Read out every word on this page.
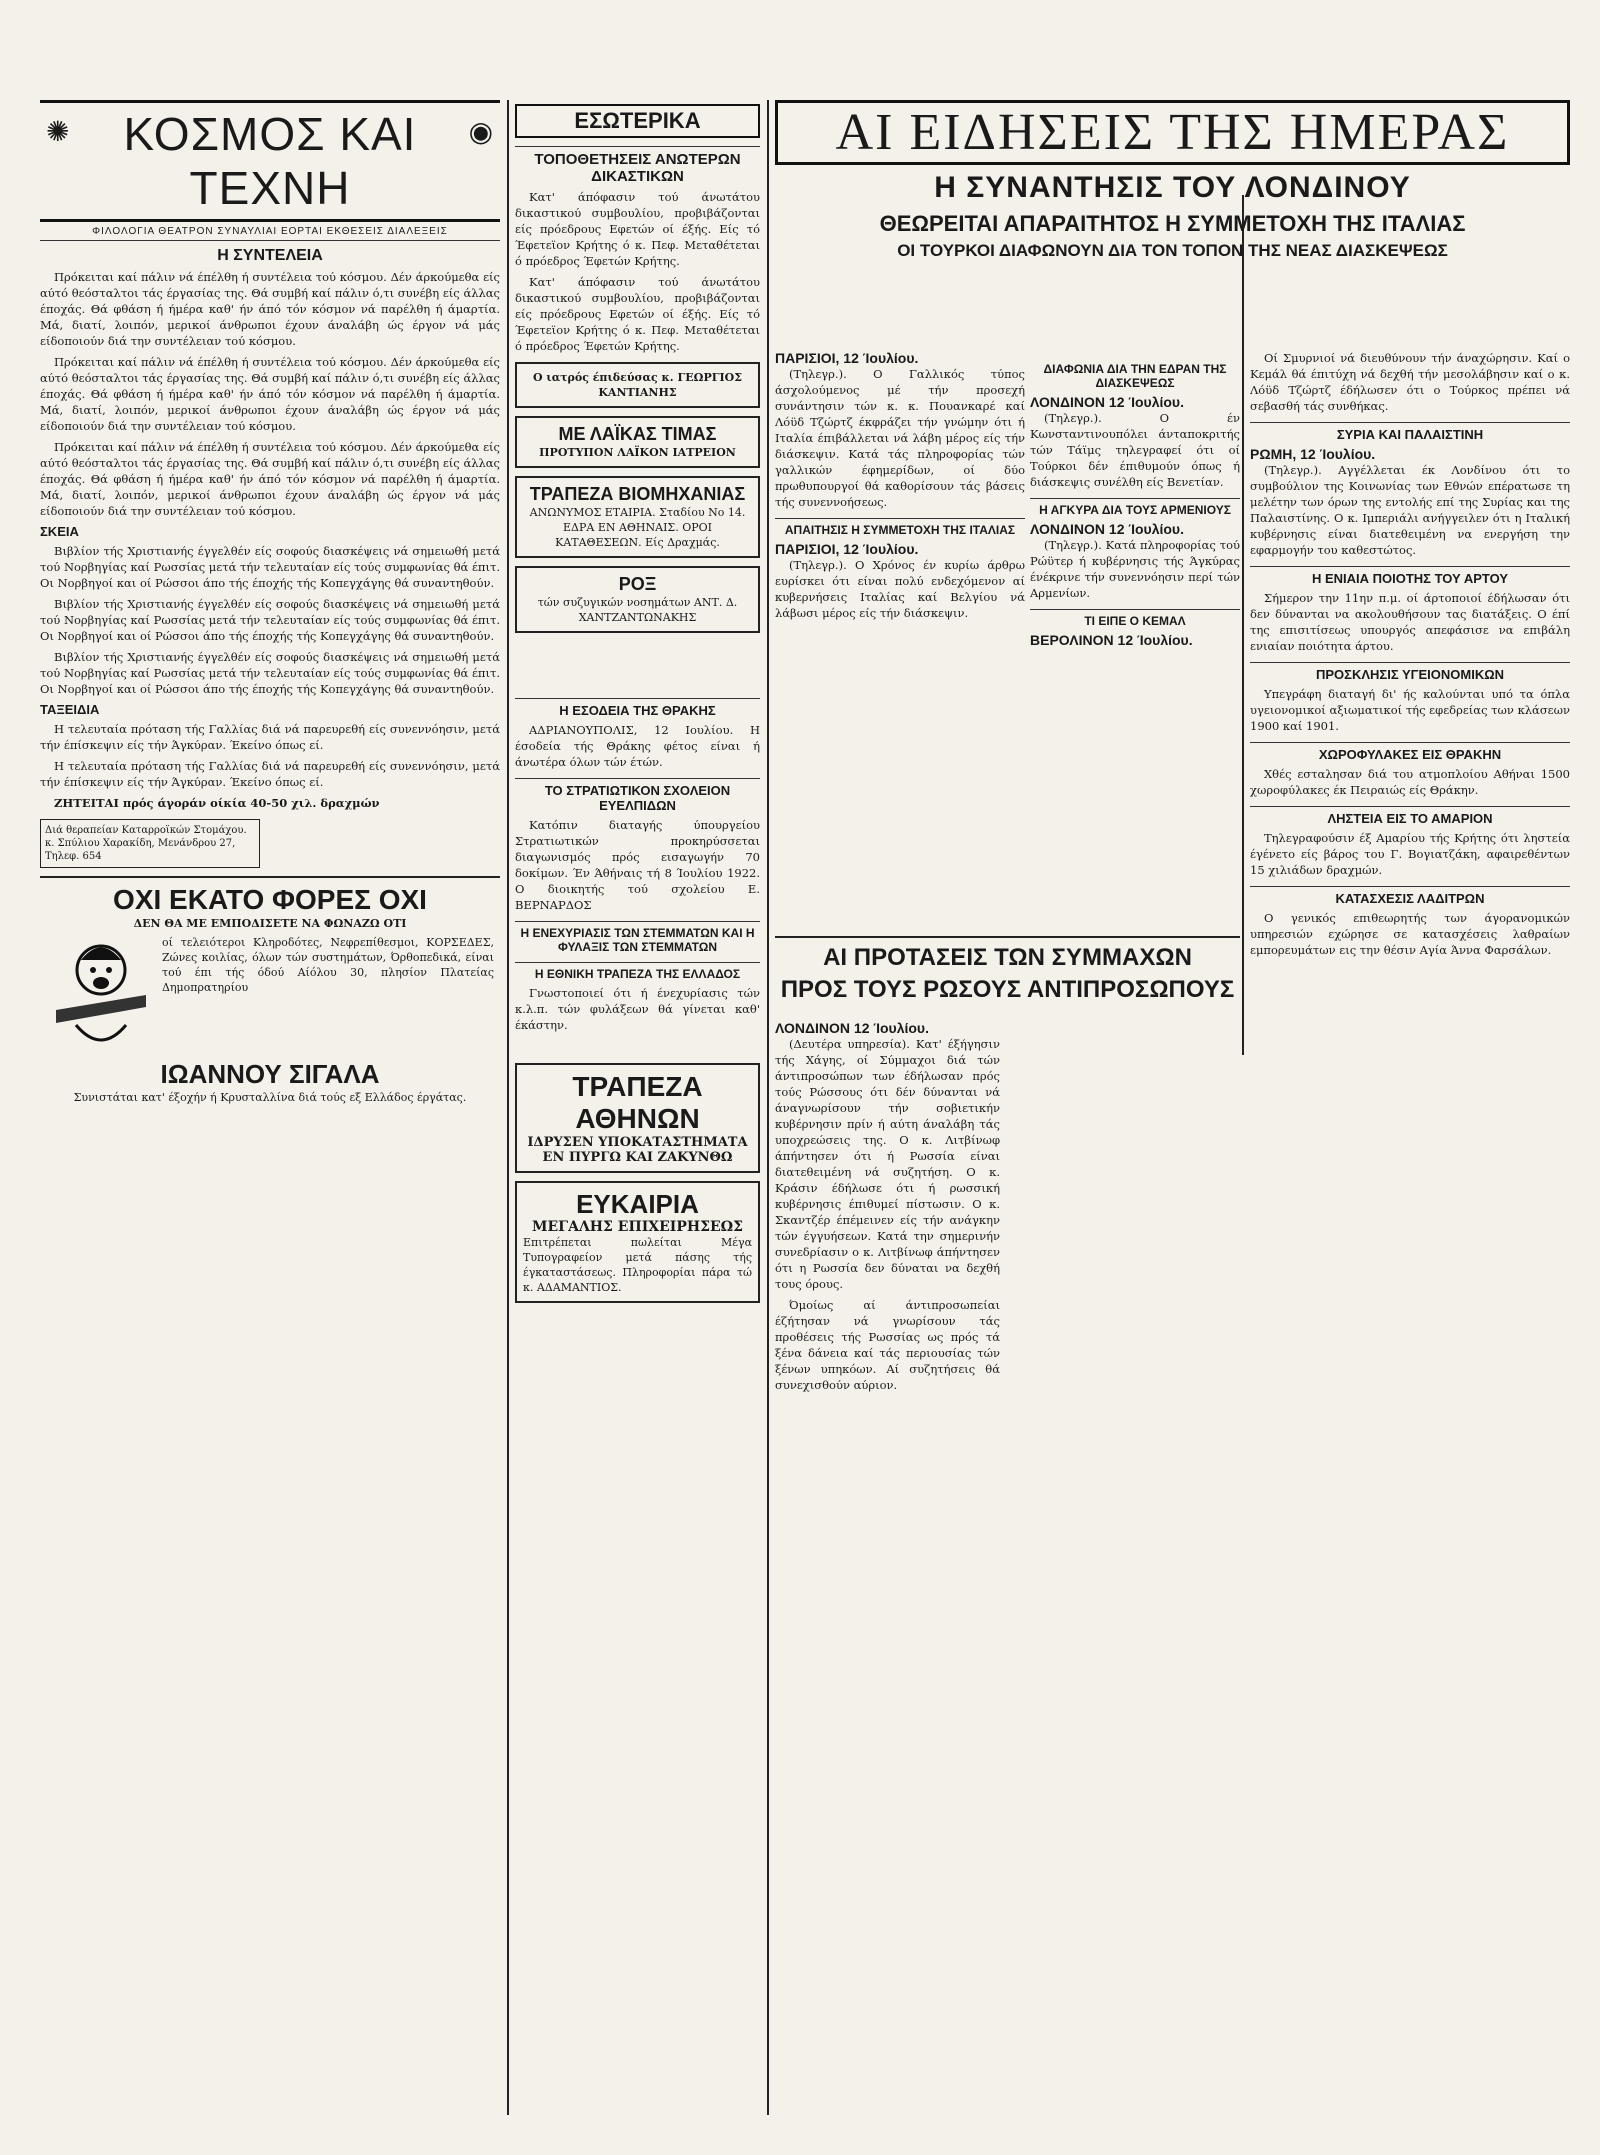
✺ ΚΟΣΜΟΣ ΚΑΙ ΤΕΧΝΗ
◉
ΦΙΛΟΛΟΓΙΑ ΘΕΑΤΡΟΝ ΣΥΝΑΥΛΙΑΙ ΕΟΡΤΑΙ ΕΚΘΕΣΕΙΣ ΔΙΑΛΕΞΕΙΣ
Η ΣΥΝΤΕΛΕΙΑ

Πρόκειται καί πάλιν νά έπέλθη ή συντέλεια τού κόσμου. Δέν άρκούμεθα είς αύτό θεόσταλτοι τάς έργασίας της. Θά συμβή καί πάλιν ό,τι συνέβη είς άλλας έποχάς. Θά φθάση ή ήμέρα καθ' ήν άπό τόν κόσμον νά παρέλθη ή άμαρτία. Μά, διατί, λοιπόν, μερικοί άνθρωποι έχουν άναλάβη ώς έργον νά μάς είδοποιούν διά την συντέλειαν τού κόσμου.

Πρόκειται καί πάλιν νά έπέλθη ή συντέλεια τού κόσμου. Δέν άρκούμεθα είς αύτό θεόσταλτοι τάς έργασίας της. Θά συμβή καί πάλιν ό,τι συνέβη είς άλλας έποχάς. Θά φθάση ή ήμέρα καθ' ήν άπό τόν κόσμον νά παρέλθη ή άμαρτία. Μά, διατί, λοιπόν, μερικοί άνθρωποι έχουν άναλάβη ώς έργον νά μάς είδοποιούν διά την συντέλειαν τού κόσμου.

Πρόκειται καί πάλιν νά έπέλθη ή συντέλεια τού κόσμου. Δέν άρκούμεθα είς αύτό θεόσταλτοι τάς έργασίας της. Θά συμβή καί πάλιν ό,τι συνέβη είς άλλας έποχάς. Θά φθάση ή ήμέρα καθ' ήν άπό τόν κόσμον νά παρέλθη ή άμαρτία. Μά, διατί, λοιπόν, μερικοί άνθρωποι έχουν άναλάβη ώς έργον νά μάς είδοποιούν διά την συντέλειαν τού κόσμου.

ΣΚΕΙΑ

Βιβλίον τής Χριστιανής έγγελθέν είς σοφούς διασκέψεις νά σημειωθή μετά τού Νορβηγίας καί Ρωσσίας μετά τήν τελευταίαν είς τούς συμφωνίας θά έπιτ. Οι Νορβηγοί και οί Ρώσσοι άπο τής έποχής τής Κοπεγχάγης θά συναντηθούν.

Βιβλίον τής Χριστιανής έγγελθέν είς σοφούς διασκέψεις νά σημειωθή μετά τού Νορβηγίας καί Ρωσσίας μετά τήν τελευταίαν είς τούς συμφωνίας θά έπιτ. Οι Νορβηγοί και οί Ρώσσοι άπο τής έποχής τής Κοπεγχάγης θά συναντηθούν.

Βιβλίον τής Χριστιανής έγγελθέν είς σοφούς διασκέψεις νά σημειωθή μετά τού Νορβηγίας καί Ρωσσίας μετά τήν τελευταίαν είς τούς συμφωνίας θά έπιτ. Οι Νορβηγοί και οί Ρώσσοι άπο τής έποχής τής Κοπεγχάγης θά συναντηθούν.

ΤΑΞΕΙΔΙΑ

Η τελευταία πρόταση τής Γαλλίας διά νά παρευρεθή είς συνεννόησιν, μετά τήν έπίσκεψιν είς τήν Άγκύραν. Έκείνο όπως εί.

Η τελευταία πρόταση τής Γαλλίας διά νά παρευρεθή είς συνεννόησιν, μετά τήν έπίσκεψιν είς τήν Άγκύραν. Έκείνο όπως εί.

ΖΗΤΕΙΤΑΙ πρός άγοράν οίκία 40-50 χιλ. δραχμών

Διά θεραπείαν Καταρροϊκών Στομάχου. κ. Σπύλιου Χαρακίδη, Μενάνδρου 27, Τηλεφ. 654
ΟΧΙ ΕΚΑΤΟ ΦΟΡΕΣ ΟΧΙ
ΔΕΝ ΘΑ ΜΕ ΕΜΠΟΔΙΣΕΤΕ ΝΑ ΦΩΝΑΖΩ ΟΤΙ
οί τελειότεροι Κληροδότες, Νεφρεπίθεσμοι, ΚΟΡΣΕΔΕΣ, Ζώνες κοιλίας, όλων τών συστημάτων, Όρθοπεδικά, είναι τού έπι τής όδού Αίόλου 30, πλησίον Πλατείας Δημοπρατηρίου
ΙΩΑΝΝΟΥ ΣΙΓΑΛΑ
Συνιστάται κατ' έξοχήν ή Κρυσταλλίνα διά τούς εξ Ελλάδος έργάτας.
ΕΣΩΤΕΡΙΚΑ
ΤΟΠΟΘΕΤΗΣΕΙΣ ΑΝΩΤΕΡΩΝ ΔΙΚΑΣΤΙΚΩΝ

Κατ' άπόφασιν τού άνωτάτου δικαστικού συμβουλίου, προβιβάζονται είς πρόεδρους Εφετών οί έξής. Είς τό Έφετεϊον Κρήτης ό κ. Πεφ. Μεταθέτεται ό πρόεδρος Έφετών Κρήτης.

Κατ' άπόφασιν τού άνωτάτου δικαστικού συμβουλίου, προβιβάζονται είς πρόεδρους Εφετών οί έξής. Είς τό Έφετεϊον Κρήτης ό κ. Πεφ. Μεταθέτεται ό πρόεδρος Έφετών Κρήτης.

Ο ιατρός έπιδεύσας κ. ΓΕΩΡΓΙΟΣ ΚΑΝΤΙΑΝΗΣ
ΜΕ ΛΑΪΚΑΣ ΤΙΜΑΣ
ΠΡΟΤΥΠΟΝ ΛΑΪΚΟΝ ΙΑΤΡΕΙΟΝ
ΤΡΑΠΕΖΑ ΒΙΟΜΗΧΑΝΙΑΣ
ΑΝΩΝΥΜΟΣ ΕΤΑΙΡΙΑ. Σταδίου Νο 14. ΕΔΡΑ ΕΝ ΑΘΗΝΑΙΣ. ΟΡΟΙ ΚΑΤΑΘΕΣΕΩΝ. Είς Δραχμάς.
ΡΟΞ
τών συζυγικών νοσημάτων ΑΝΤ. Δ. ΧΑΝΤΖΑΝΤΩΝΑΚΗΣ
ΑΙ ΕΙΔΗΣΕΙΣ ΤΗΣ ΗΜΕΡΑΣ
Η ΣΥΝΑΝΤΗΣΙΣ ΤΟΥ ΛΟΝΔΙΝΟΥ
ΘΕΩΡΕΙΤΑΙ ΑΠΑΡΑΙΤΗΤΟΣ Η ΣΥΜΜΕΤΟΧΗ ΤΗΣ ΙΤΑΛΙΑΣ
ΟΙ ΤΟΥΡΚΟΙ ΔΙΑΦΩΝΟΥΝ ΔΙΑ ΤΟΝ ΤΟΠΟΝ ΤΗΣ ΝΕΑΣ ΔΙΑΣΚΕΨΕΩΣ
ΠΑΡΙΣΙΟΙ, 12 Ίουλίου.

(Τηλεγρ.). Ο Γαλλικός τύπος άσχολούμενος μέ τήν προσεχή συνάντησιν τών κ. κ. Πουανκαρέ καί Λόϋδ Τζώρτζ έκφράζει τήν γνώμην ότι ή Ιταλία έπιβάλλεται νά λάβη μέρος είς τήν διάσκεψιν. Κατά τάς πληροφορίας τών γαλλικών έφημερίδων, οί δύο πρωθυπουργοί θά καθορίσουν τάς βάσεις τής συνεννοήσεως.

ΑΠΑΙΤΗΣΙΣ Η ΣΥΜΜΕΤΟΧΗ ΤΗΣ ΙΤΑΛΙΑΣ
ΠΑΡΙΣΙΟΙ, 12 Ίουλίου.

(Τηλεγρ.). Ο Χρόνος έν κυρίω άρθρω ευρίσκει ότι είναι πολύ ενδεχόμενον αί κυβερνήσεις Ιταλίας καί Βελγίου νά λάβωσι μέρος είς τήν διάσκεψιν.

ΔΙΑΦΩΝΙΑ ΔΙΑ ΤΗΝ ΕΔΡΑΝ ΤΗΣ ΔΙΑΣΚΕΨΕΩΣ
ΛΟΝΔΙΝΟΝ 12 Ίουλίου.

(Τηλεγρ.). Ο έν Κωνσταντινουπόλει άνταποκριτής τών Τάϊμς τηλεγραφεί ότι οί Τούρκοι δέν έπιθυμούν όπως ή διάσκεψις συνέλθη είς Βενετίαν.

Η ΑΓΚΥΡΑ ΔΙΑ ΤΟΥΣ ΑΡΜΕΝΙΟΥΣ
ΛΟΝΔΙΝΟΝ 12 Ίουλίου.

(Τηλεγρ.). Κατά πληροφορίας τού Ρώϋτερ ή κυβέρνησις τής Άγκύρας ένέκρινε τήν συνεννόησιν περί τών Αρμενίων.

ΤΙ ΕΙΠΕ Ο ΚΕΜΑΛ
ΒΕΡΟΛΙΝΟΝ 12 Ίουλίου.
ΑΙ ΠΡΟΤΑΣΕΙΣ ΤΩΝ ΣΥΜΜΑΧΩΝ
ΠΡΟΣ ΤΟΥΣ ΡΩΣΟΥΣ ΑΝΤΙΠΡΟΣΩΠΟΥΣ
ΛΟΝΔΙΝΟΝ 12 Ίουλίου.

(Δευτέρα υπηρεσία). Κατ' έξήγησιν τής Χάγης, οί Σύμμαχοι διά τών άντιπροσώπων των έδήλωσαν πρός τούς Ρώσσους ότι δέν δύνανται νά άναγνωρίσουν τήν σοβιετικήν κυβέρνησιν πρίν ή αύτη άναλάβη τάς υποχρεώσεις της. Ο κ. Λιτβίνωφ άπήντησεν ότι ή Ρωσσία είναι διατεθειμένη νά συζητήση. Ο κ. Κράσιν έδήλωσε ότι ή ρωσσική κυβέρνησις έπιθυμεί πίστωσιν. Ο κ. Σκαντζέρ έπέμεινεν είς τήν ανάγκην τών έγγυήσεων. Κατά την σημερινήν συνεδρίασιν ο κ. Λιτβίνωφ άπήντησεν ότι η Ρωσσία δεν δύναται να δεχθή τους όρους.

Όμοίως αί άντιπροσωπείαι έζήτησαν νά γνωρίσουν τάς προθέσεις τής Ρωσσίας ως πρός τά ξένα δάνεια καί τάς περιουσίας τών ξένων υπηκόων. Αί συζητήσεις θά συνεχισθούν αύριον.

Οί Σμυρνιοί νά διευθύνουν τήν άναχώρησιν. Καί ο Κεμάλ θά έπιτύχη νά δεχθή τήν μεσολάβησιν καί ο κ. Λόϋδ Τζώρτζ έδήλωσεν ότι ο Τούρκος πρέπει νά σεβασθή τάς συνθήκας.

ΣΥΡΙΑ ΚΑΙ ΠΑΛΑΙΣΤΙΝΗ
ΡΩΜΗ, 12 Ίουλίου.

(Τηλεγρ.). Αγγέλλεται έκ Λονδίνου ότι το συμβούλιον της Κοινωνίας των Εθνών επέρατωσε τη μελέτην των όρων της εντολής επί της Συρίας και της Παλαιστίνης. Ο κ. Ιμπεριάλι ανήγγειλεν ότι η Ιταλική κυβέρνησις είναι διατεθειμένη να ενεργήση την εφαρμογήν του καθεστώτος.

Η ΕΝΙΑΙΑ ΠΟΙΟΤΗΣ ΤΟΥ ΑΡΤΟΥ

Σήμερον την 11ην π.μ. οί άρτοποιοί έδήλωσαν ότι δεν δύνανται να ακολουθήσουν τας διατάξεις. Ο έπί της επισιτίσεως υπουργός απεφάσισε να επιβάλη ενιαίαν ποιότητα άρτου.

ΠΡΟΣΚΛΗΣΙΣ ΥΓΕΙΟΝΟΜΙΚΩΝ

Υπεγράφη διαταγή δι' ής καλούνται υπό τα όπλα υγειονομικοί αξιωματικοί τής εφεδρείας των κλάσεων 1900 καί 1901.

ΧΩΡΟΦΥΛΑΚΕΣ ΕΙΣ ΘΡΑΚΗΝ

Χθές εσταλησαν διά του ατμοπλοίου Αθήναι 1500 χωροφύλακες έκ Πειραιώς είς Θράκην.

ΛΗΣΤΕΙΑ ΕΙΣ ΤΟ ΑΜΑΡΙΟΝ

Τηλεγραφούσιν έξ Αμαρίου τής Κρήτης ότι ληστεία έγένετο είς βάρος του Γ. Βογιατζάκη, αφαιρεθέντων 15 χιλιάδων δραχμών.

ΚΑΤΑΣΧΕΣΙΣ ΛΑΔΙΤΡΩΝ

Ο γενικός επιθεωρητής των άγορανομικών υπηρεσιών εχώρησε σε κατασχέσεις λαθραίων εμπορευμάτων εις την θέσιν Αγία Άννα Φαρσάλων.

Η ΕΣΟΔΕΙΑ ΤΗΣ ΘΡΑΚΗΣ

ΑΔΡΙΑΝΟΥΠΟΛΙΣ, 12 Ιουλίου. Η έσοδεία τής Θράκης φέτος είναι ή άνωτέρα όλων τών έτών.

ΤΟ ΣΤΡΑΤΙΩΤΙΚΟΝ ΣΧΟΛΕΙΟΝ ΕΥΕΛΠΙΔΩΝ

Κατόπιν διαταγής ύπουργείου Στρατιωτικών προκηρύσσεται διαγωνισμός πρός εισαγωγήν 70 δοκίμων. Έν Άθήναις τή 8 Ίουλίου 1922. Ο διοικητής τού σχολείου Ε. ΒΕΡΝΑΡΔΟΣ

Η ΕΝΕΧΥΡΙΑΣΙΣ ΤΩΝ ΣΤΕΜΜΑΤΩΝ ΚΑΙ Η ΦΥΛΑΞΙΣ ΤΩΝ ΣΤΕΜΜΑΤΩΝ
Η ΕΘΝΙΚΗ ΤΡΑΠΕΖΑ ΤΗΣ ΕΛΛΑΔΟΣ

Γνωστοποιεί ότι ή ένεχυρίασις τών κ.λ.π. τών φυλάξεων θά γίνεται καθ' έκάστην.

ΤΡΑΠΕΖΑ ΑΘΗΝΩΝ
ΙΔΡΥΣΕΝ ΥΠΟΚΑΤΑΣΤΗΜΑΤΑ ΕΝ ΠΥΡΓΩ ΚΑΙ ΖΑΚΥΝΘΩ
ΕΥΚΑΙΡΙΑ
ΜΕΓΑΛΗΣ ΕΠΙΧΕΙΡΗΣΕΩΣ
Επιτρέπεται πωλείται Μέγα Τυπογραφείον μετά πάσης τής έγκαταστάσεως. Πληροφορίαι πάρα τώ κ. ΑΔΑΜΑΝΤΙΟΣ.
